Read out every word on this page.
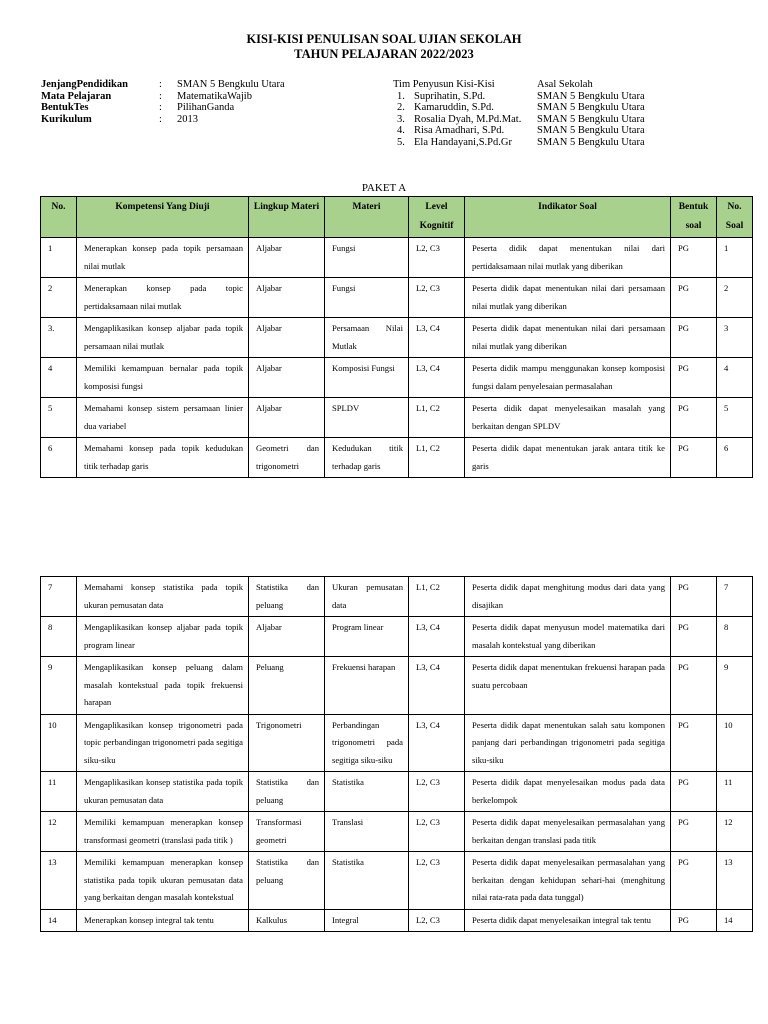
KISI-KISI PENULISAN SOAL UJIAN SEKOLAH
TAHUN PELAJARAN 2022/2023
JenjangPendidikan	:	SMAN 5 Bengkulu Utara
Mata Pelajaran	:	MatematikaWajib
BentukTes	:	PilihanGanda
Kurikulum	:	2013
Tim Penyusun Kisi-Kisi	Asal Sekolah
1. Suprihatin, S.Pd.	SMAN 5 Bengkulu Utara
2. Kamaruddin, S.Pd.	SMAN 5 Bengkulu Utara
3. Rosalia Dyah, M.Pd.Mat.	SMAN 5 Bengkulu Utara
4. Risa Amadhari, S.Pd.	SMAN 5 Bengkulu Utara
5. Ela Handayani,S.Pd.Gr	SMAN 5 Bengkulu Utara
PAKET A
No.	Kompetensi Yang Diuji	Lingkup Materi	Materi	Level Kognitif	Indikator Soal	Bentuk soal	No. Soal
1	Menerapkan konsep pada topik persamaan nilai mutlak	Aljabar	Fungsi	L2, C3	Peserta didik dapat menentukan nilai dari pertidaksamaan nilai mutlak yang diberikan	PG	1
2	Menerapkan konsep pada topic pertidaksamaan nilai mutlak	Aljabar	Fungsi	L2, C3	Peserta didik dapat menentukan nilai dari persamaan nilai mutlak yang diberikan	PG	2
3.	Mengaplikasikan konsep aljabar pada topik persamaan nilai mutlak	Aljabar	Persamaan Nilai Mutlak	L3, C4	Peserta didik dapat menentukan nilai dari persamaan nilai mutlak yang diberikan	PG	3
4	Memiliki kemampuan bernalar pada topik komposisi fungsi	Aljabar	Komposisi Fungsi	L3, C4	Peserta didik mampu menggunakan konsep komposisi fungsi dalam penyelesaian permasalahan	PG	4
5	Memahami konsep sistem persamaan linier dua variabel	Aljabar	SPLDV	L1, C2	Peserta didik dapat menyelesaikan masalah yang berkaitan dengan SPLDV	PG	5
6	Memahami konsep pada topik kedudukan titik terhadap garis	Geometri dan trigonometri	Kedudukan titik terhadap garis	L1, C2	Peserta didik dapat menentukan jarak antara titik ke garis	PG	6
7	Memahami konsep statistika pada topik ukuran pemusatan data	Statistika dan peluang	Ukuran pemusatan data	L1, C2	Peserta didik dapat menghitung modus dari data yang disajikan	PG	7
8	Mengaplikasikan konsep aljabar pada topik program linear	Aljabar	Program linear	L3, C4	Peserta didik dapat menyusun model matematika dari masalah kontekstual yang diberikan	PG	8
9	Mengaplikasikan konsep peluang dalam masalah kontekstual pada topik frekuensi harapan	Peluang	Frekuensi harapan	L3, C4	Peserta didik dapat menentukan frekuensi harapan pada suatu percobaan	PG	9
10	Mengaplikasikan konsep trigonometri pada topic perbandingan trigonometri pada segitiga siku-siku	Trigonometri	Perbandingan trigonometri pada segitiga siku-siku	L3, C4	Peserta didik dapat menentukan salah satu komponen panjang dari perbandingan trigonometri pada segitiga siku-siku	PG	10
11	Mengaplikasikan konsep statistika pada topik ukuran pemusatan data	Statistika dan peluang	Statistika	L2, C3	Peserta didik dapat menyelesaikan modus pada data berkelompok	PG	11
12	Memiliki kemampuan menerapkan konsep transformasi geometri (translasi pada titik )	Transformasi geometri	Translasi	L2, C3	Peserta didik dapat menyelesaikan permasalahan yang berkaitan dengan translasi pada titik	PG	12
13	Memiliki kemampuan menerapkan konsep statistika pada topik ukuran pemusatan data yang berkaitan dengan masalah kontekstual	Statistika dan peluang	Statistika	L2, C3	Peserta didik dapat menyelesaikan permasalahan yang berkaitan dengan kehidupan sehari-hai (menghitung nilai rata-rata pada data tunggal)	PG	13
14	Menerapkan konsep integral tak tentu	Kalkulus	Integral	L2, C3	Peserta didik dapat menyelesaikan integral tak tentu	PG	14
